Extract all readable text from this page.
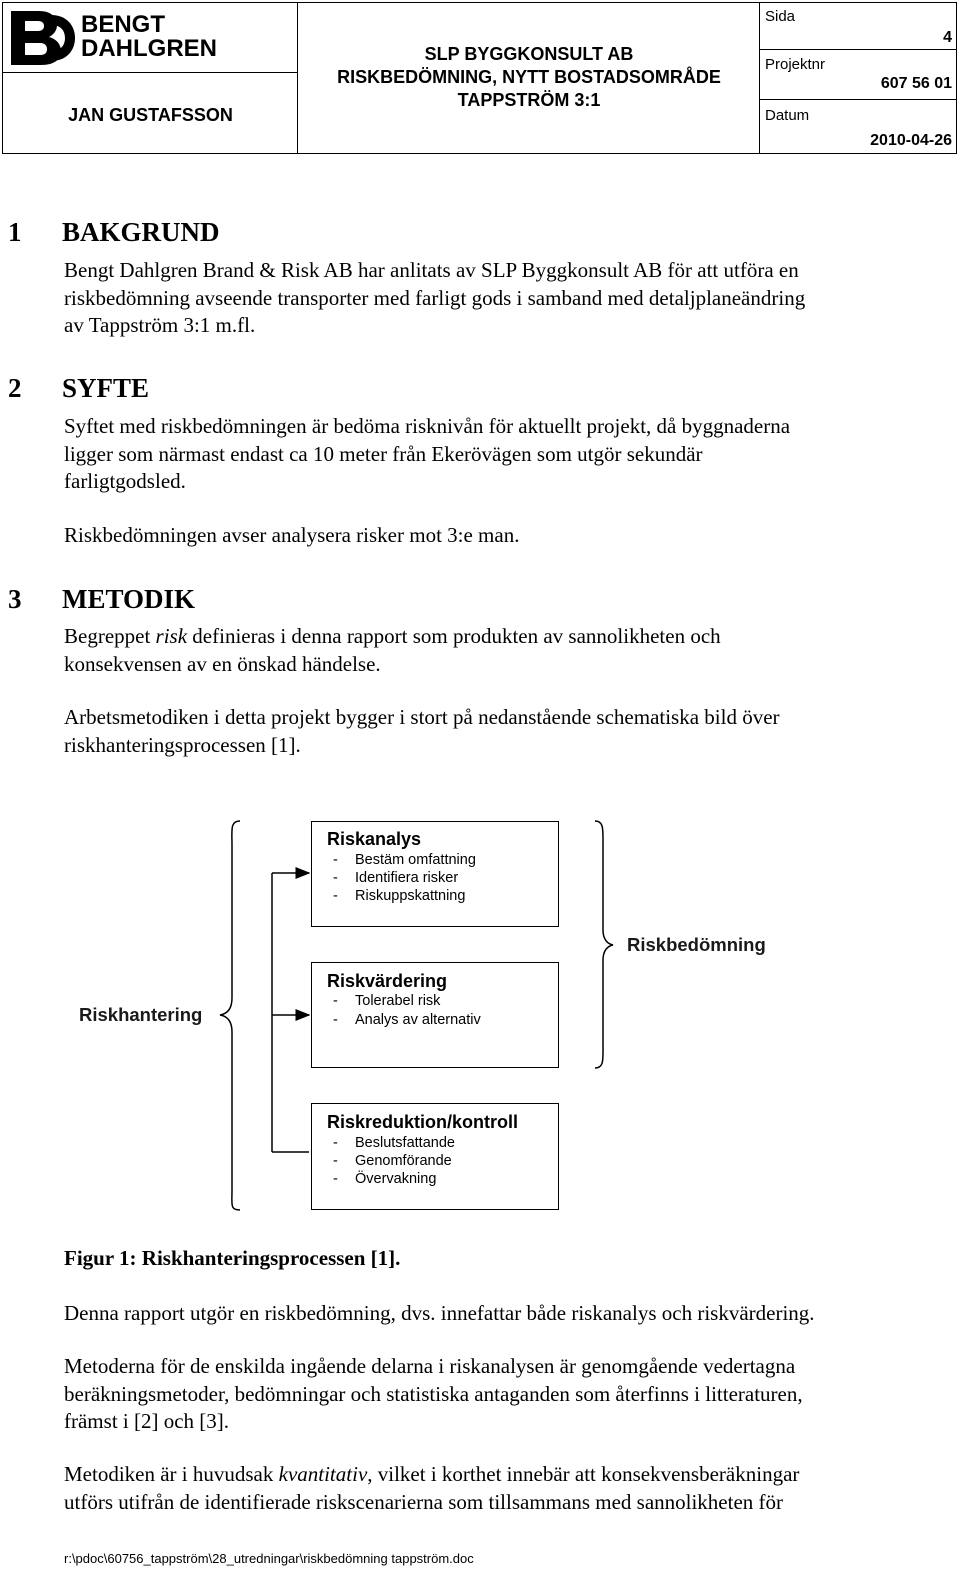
BENGT
DAHLGREN
JAN GUSTAFSSON
SLP BYGGKONSULT AB
RISKBEDÖMNING, NYTT BOSTADSOMRÅDE
TAPPSTRÖM 3:1
Sida
4
Projektnr
607 56 01
Datum
2010-04-26
1 BAKGRUND
Bengt Dahlgren Brand & Risk AB har anlitats av SLP Byggkonsult AB för att utföra en
riskbedömning avseende transporter med farligt gods i samband med detaljplaneändring
av Tappström 3:1 m.fl.
2 SYFTE
Syftet med riskbedömningen är bedöma risknivån för aktuellt projekt, då byggnaderna
ligger som närmast endast ca 10 meter från Ekerövägen som utgör sekundär
farligtgodsled.
Riskbedömningen avser analysera risker mot 3:e man.
3 METODIK
Begreppet risk definieras i denna rapport som produkten av sannolikheten och
konsekvensen av en önskad händelse.
Arbetsmetodiken i detta projekt bygger i stort på nedanstående schematiska bild över
riskhanteringsprocessen [1].
Riskhantering
Riskbedömning
Riskanalys
- Bestäm omfattning
- Identifiera risker
- Riskuppskattning
Riskvärdering
- Tolerabel risk
- Analys av alternativ
Riskreduktion/kontroll
- Beslutsfattande
- Genomförande
- Övervakning
Figur 1: Riskhanteringsprocessen [1].
Denna rapport utgör en riskbedömning, dvs. innefattar både riskanalys och riskvärdering.
Metoderna för de enskilda ingående delarna i riskanalysen är genomgående vedertagna
beräkningsmetoder, bedömningar och statistiska antaganden som återfinns i litteraturen,
främst i [2] och [3].
Metodiken är i huvudsak kvantitativ, vilket i korthet innebär att konsekvensberäkningar
utförs utifrån de identifierade riskscenarierna som tillsammans med sannolikheten för
r:\pdoc\60756_tappström\28_utredningar\riskbedömning tappström.doc
